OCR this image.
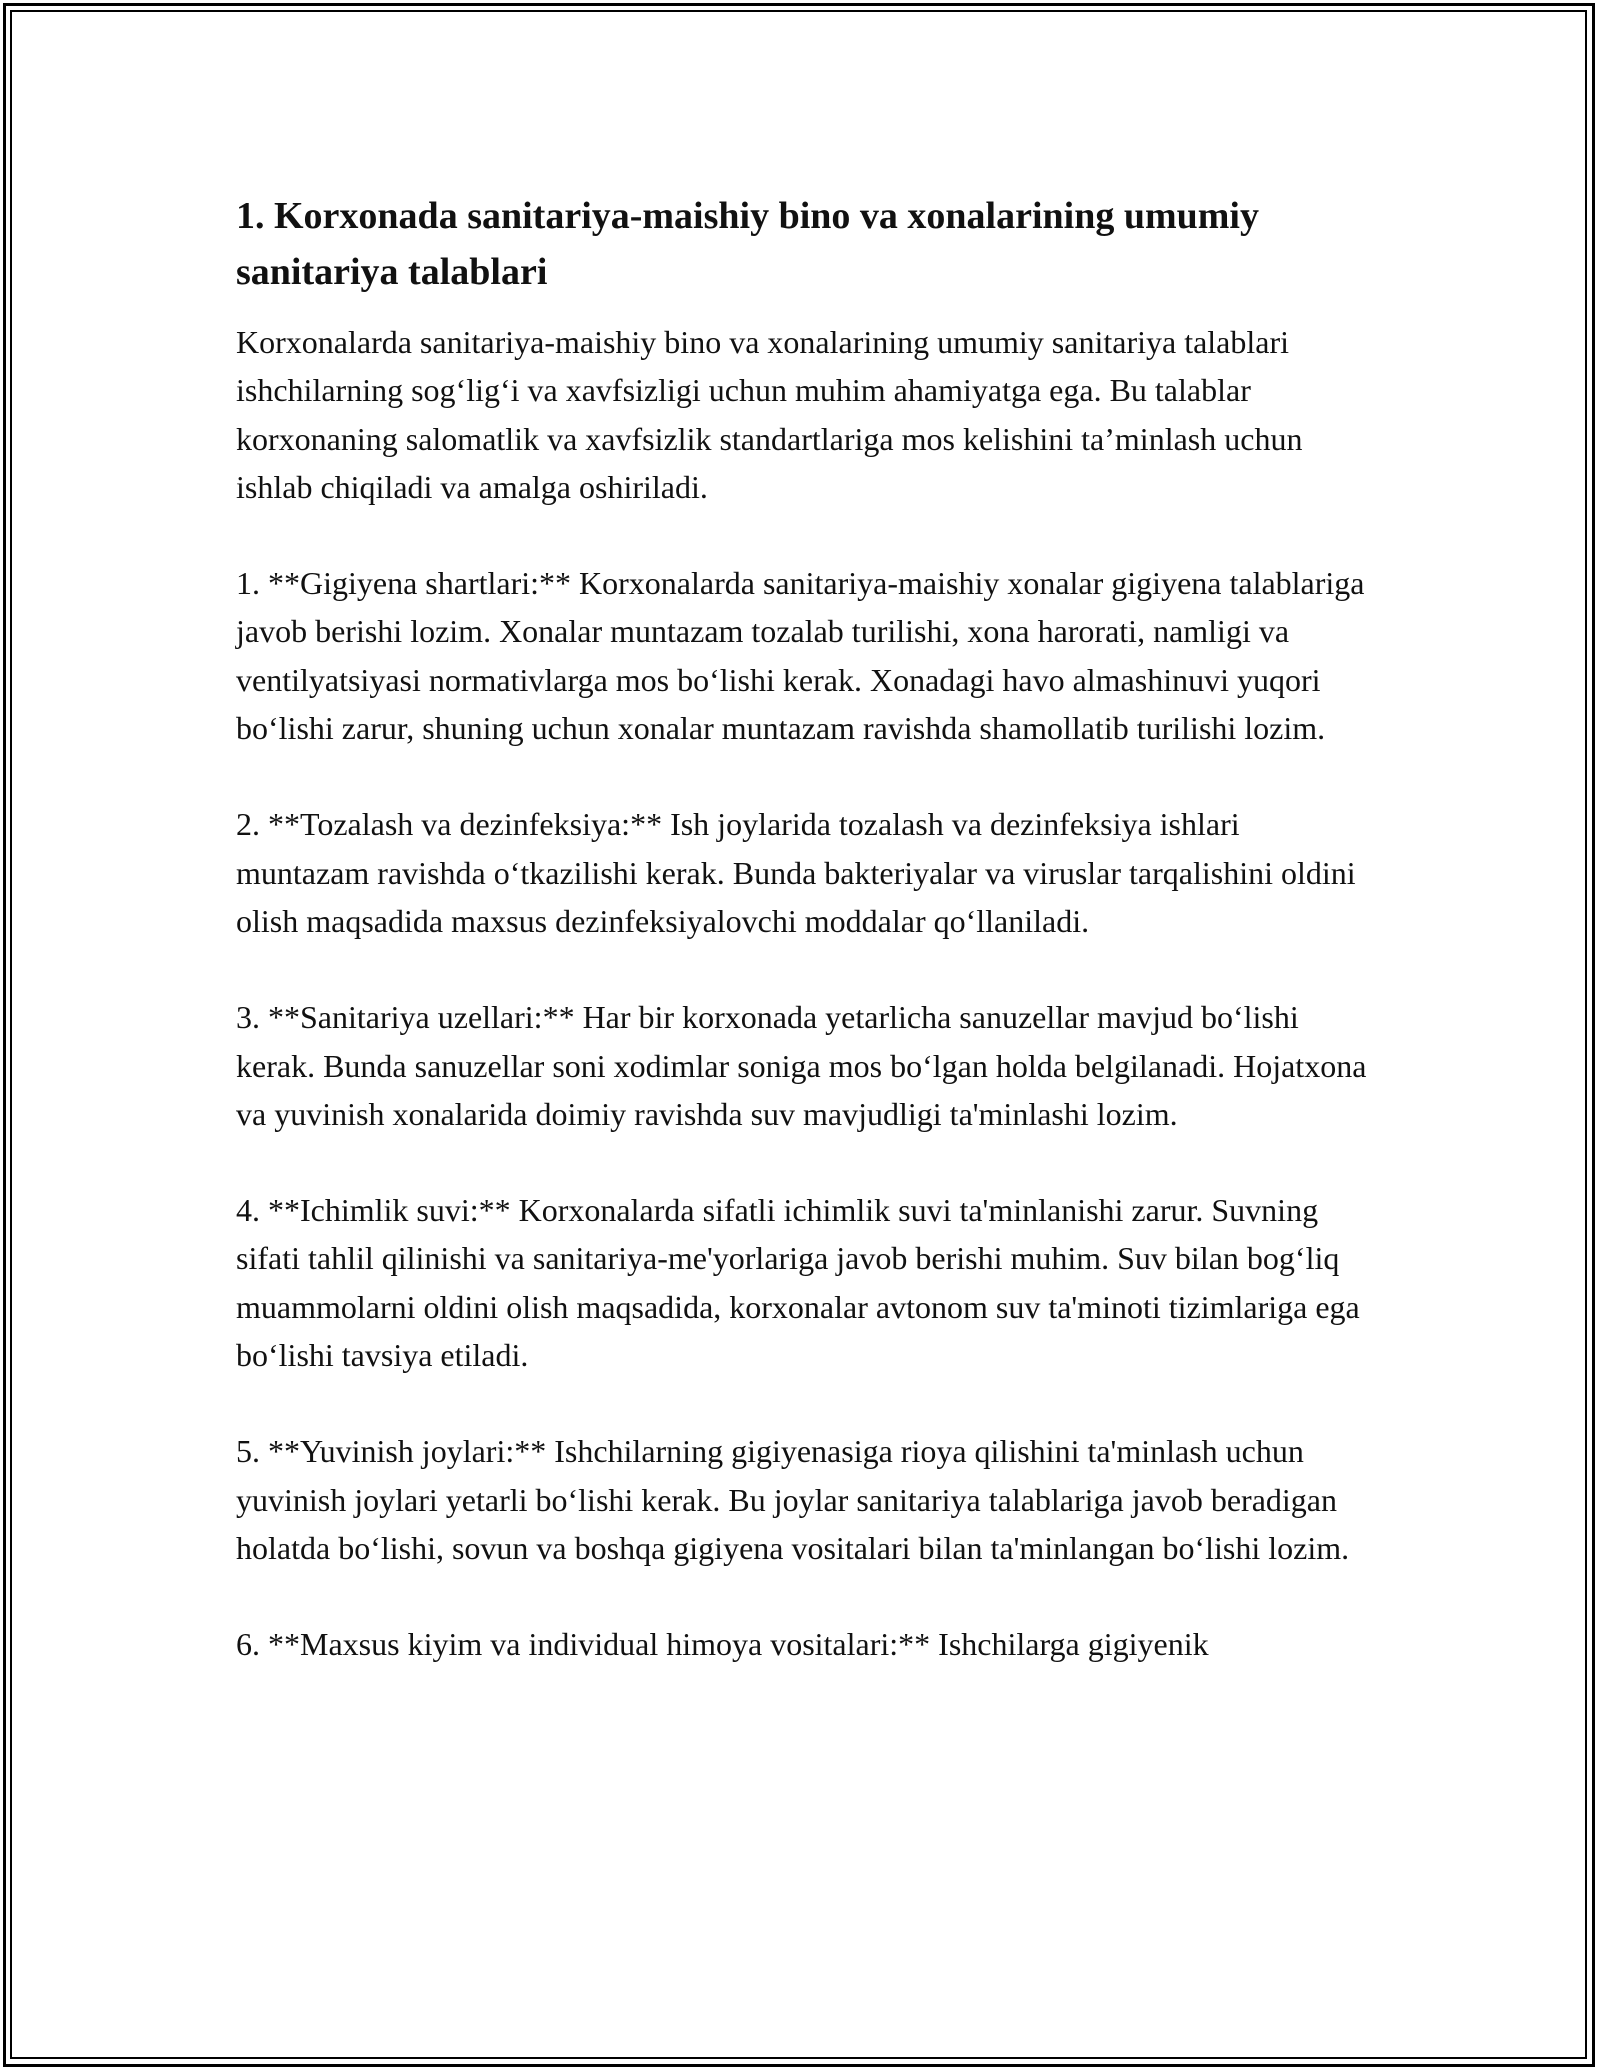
1. Korxonada sanitariya-maishiy bino va xonalarining umumiy sanitariya talablari

Korxonalarda sanitariya-maishiy bino va xonalarining umumiy sanitariya talablari ishchilarning sog‘lig‘i va xavfsizligi uchun muhim ahamiyatga ega. Bu talablar korxonaning salomatlik va xavfsizlik standartlariga mos kelishini ta’minlash uchun ishlab chiqiladi va amalga oshiriladi.

1. **Gigiyena shartlari:** Korxonalarda sanitariya-maishiy xonalar gigiyena talablariga javob berishi lozim. Xonalar muntazam tozalab turilishi, xona harorati, namligi va ventilyatsiyasi normativlarga mos bo‘lishi kerak. Xonadagi havo almashinuvi yuqori bo‘lishi zarur, shuning uchun xonalar muntazam ravishda shamollatib turilishi lozim.

2. **Tozalash va dezinfeksiya:** Ish joylarida tozalash va dezinfeksiya ishlari muntazam ravishda o‘tkazilishi kerak. Bunda bakteriyalar va viruslar tarqalishini oldini olish maqsadida maxsus dezinfeksiyalovchi moddalar qo‘llaniladi.

3. **Sanitariya uzellari:** Har bir korxonada yetarlicha sanuzellar mavjud bo‘lishi kerak. Bunda sanuzellar soni xodimlar soniga mos bo‘lgan holda belgilanadi. Hojatxona va yuvinish xonalarida doimiy ravishda suv mavjudligi ta'minlashi lozim.

4. **Ichimlik suvi:** Korxonalarda sifatli ichimlik suvi ta'minlanishi zarur. Suvning sifati tahlil qilinishi va sanitariya-me'yorlariga javob berishi muhim. Suv bilan bog‘liq muammolarni oldini olish maqsadida, korxonalar avtonom suv ta'minoti tizimlariga ega bo‘lishi tavsiya etiladi.

5. **Yuvinish joylari:** Ishchilarning gigiyenasiga rioya qilishini ta'minlash uchun yuvinish joylari yetarli bo‘lishi kerak. Bu joylar sanitariya talablariga javob beradigan holatda bo‘lishi, sovun va boshqa gigiyena vositalari bilan ta'minlangan bo‘lishi lozim.

6. **Maxsus kiyim va individual himoya vositalari:** Ishchilarga gigiyenik
